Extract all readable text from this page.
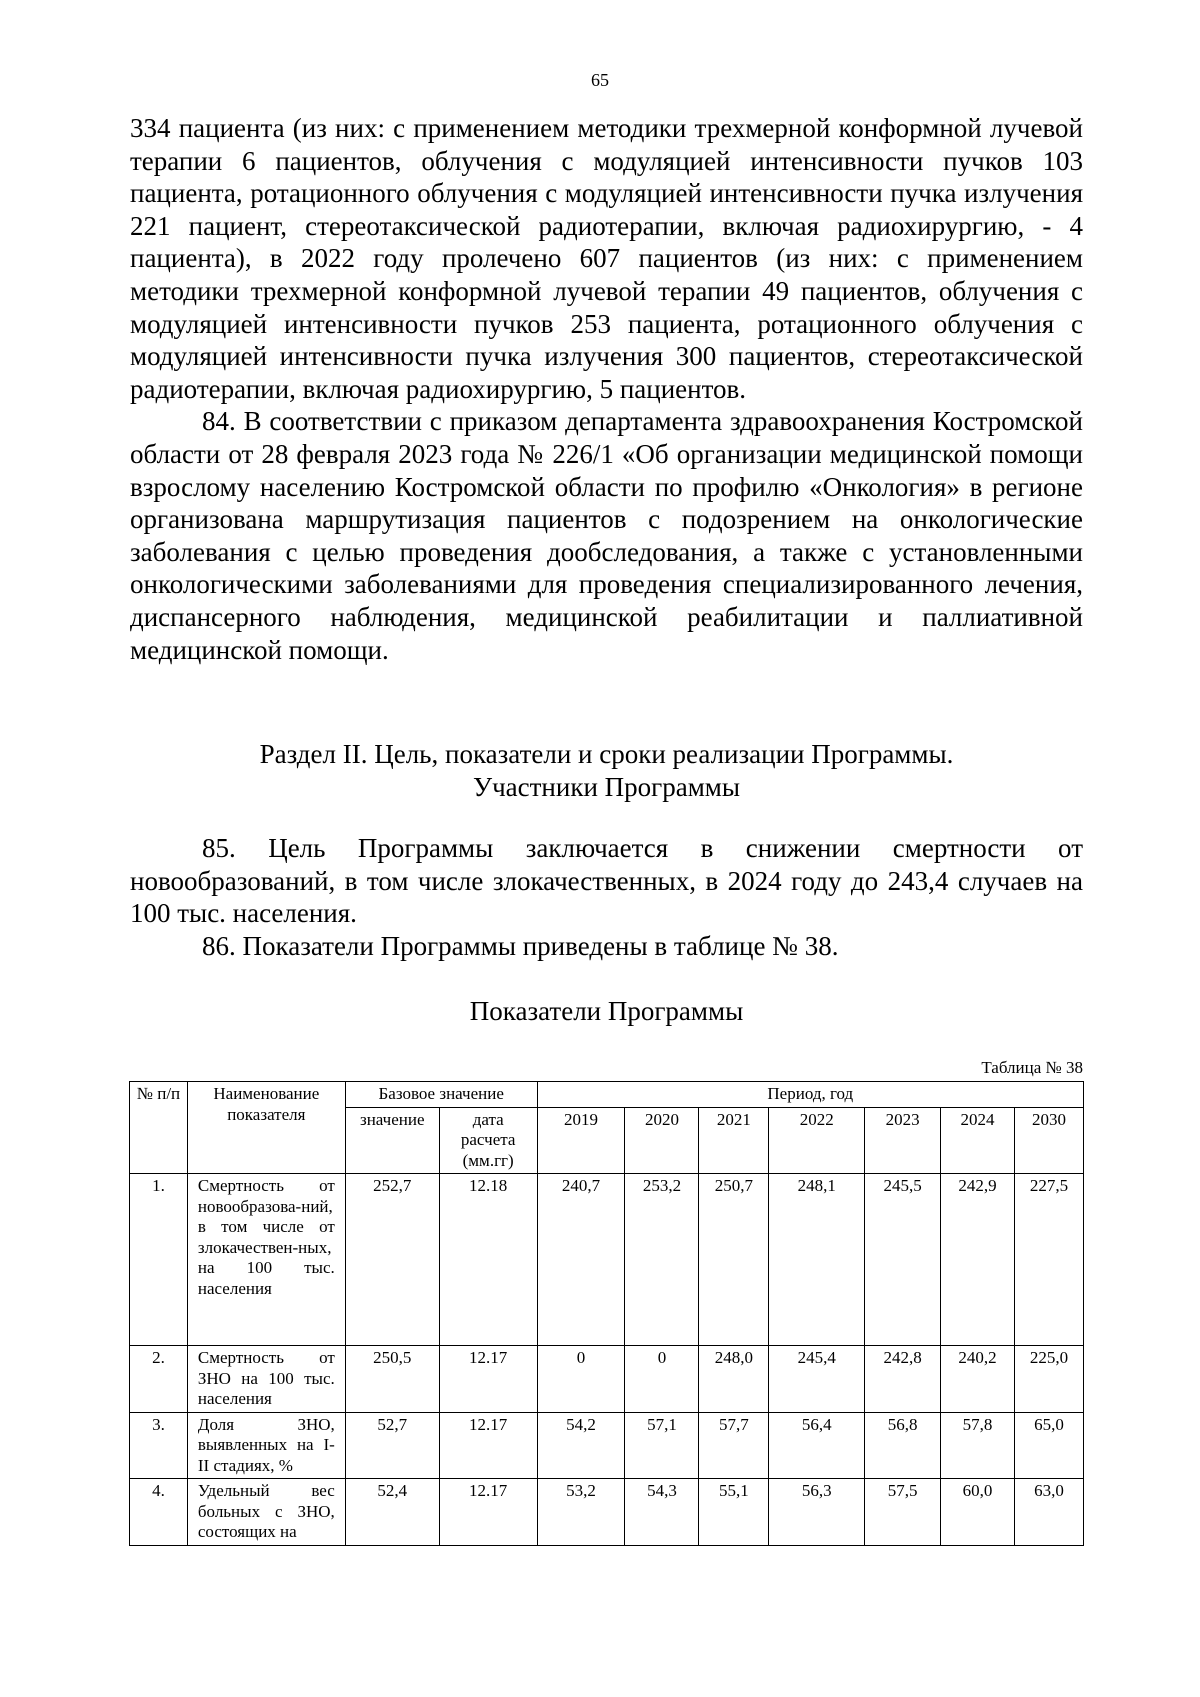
65

334 пациента (из них: с применением методики трехмерной конформной лучевой терапии 6 пациентов, облучения с модуляцией интенсивности пучков 103 пациента, ротационного облучения с модуляцией интенсивности пучка излучения 221 пациент, стереотаксической радиотерапии, включая радиохирургию, - 4 пациента), в 2022 году пролечено 607 пациентов (из них: с применением методики трехмерной конформной лучевой терапии 49 пациентов, облучения с модуляцией интенсивности пучков 253 пациента, ротационного облучения с модуляцией интенсивности пучка излучения 300 пациентов, стереотаксической радиотерапии, включая радиохирургию, 5 пациентов.

84. В соответствии с приказом департамента здравоохранения Костромской области от 28 февраля 2023 года № 226/1 «Об организации медицинской помощи взрослому населению Костромской области по профилю «Онкология» в регионе организована маршрутизация пациентов с подозрением на онкологические заболевания с целью проведения дообследования, а также с установленными онкологическими заболеваниями для проведения специализированного лечения, диспансерного наблюдения, медицинской реабилитации и паллиативной медицинской помощи.

Раздел II. Цель, показатели и сроки реализации Программы.
Участники Программы

85. Цель Программы заключается в снижении смертности от новообразований, в том числе злокачественных, в 2024 году до 243,4 случаев на 100 тыс. населения.

86. Показатели Программы приведены в таблице № 38.

Показатели Программы
Таблица № 38
№ п/п	Наименование показателя	Базовое значение		Период, год						
		значение	дата расчета (мм.гг)	2019	2020	2021	2022	2023	2024	2030
1.	Смертность от новообразова-ний, в том числе от злокачествен-ных, на 100 тыс. населения	252,7	12.18	240,7	253,2	250,7	248,1	245,5	242,9	227,5
2.	Смертность от ЗНО на 100 тыс. населения	250,5	12.17	0	0	248,0	245,4	242,8	240,2	225,0
3.	Доля ЗНО, выявленных на I-II стадиях, %	52,7	12.17	54,2	57,1	57,7	56,4	56,8	57,8	65,0
4.	Удельный вес больных с ЗНО, состоящих на	52,4	12.17	53,2	54,3	55,1	56,3	57,5	60,0	63,0
